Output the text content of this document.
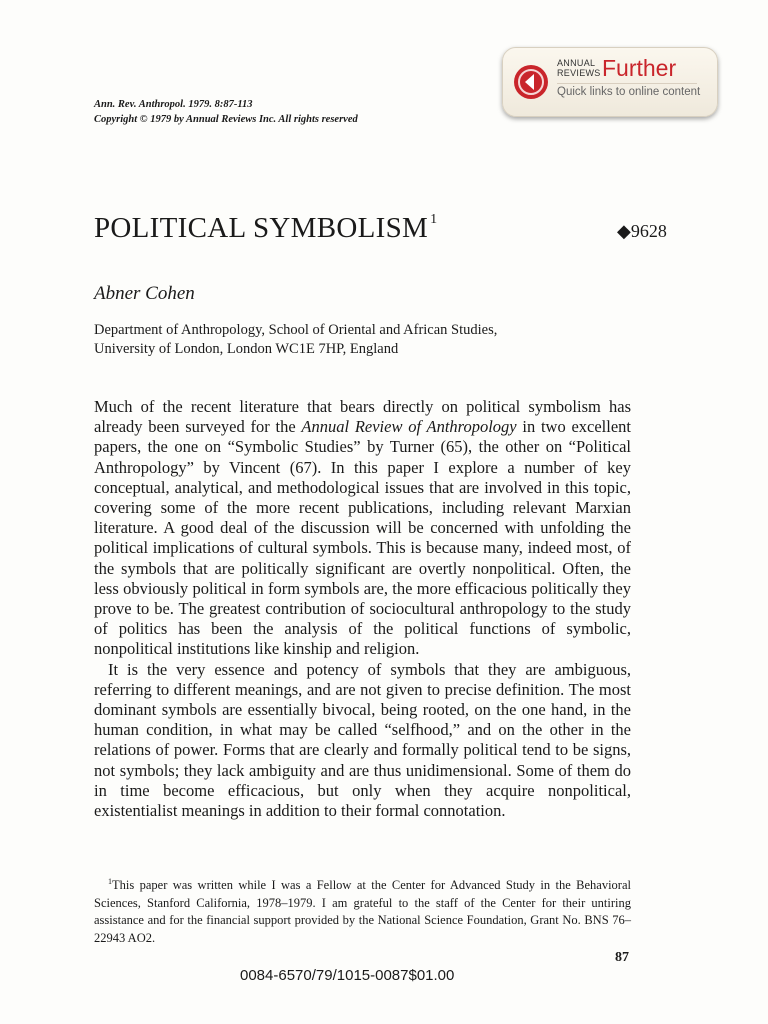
ANNUAL
REVIEWS Further
Quick links to online content
Ann. Rev. Anthropol. 1979. 8:87-113
Copyright © 1979 by Annual Reviews Inc. All rights reserved
POLITICAL SYMBOLISM $^1$
◆9628
Abner Cohen
Department of Anthropology, School of Oriental and African Studies,
University of London, London WC1E 7HP, England

Much of the recent literature that bears directly on political symbolism has already been surveyed for the Annual Review of Anthropology in two excellent papers, the one on “Symbolic Studies” by Turner (65), the other on “Political Anthropology” by Vincent (67). In this paper I explore a number of key conceptual, analytical, and methodological issues that are involved in this topic, covering some of the more recent publications, including relevant Marxian literature. A good deal of the discussion will be concerned with unfolding the political implications of cultural symbols. This is because many, indeed most, of the symbols that are politically significant are overtly nonpolitical. Often, the less obviously political in form symbols are, the more efficacious politically they prove to be. The greatest contribution of sociocultural anthropology to the study of politics has been the analysis of the political functions of symbolic, nonpolitical institutions like kinship and religion.

It is the very essence and potency of symbols that they are ambiguous, referring to different meanings, and are not given to precise definition. The most dominant symbols are essentially bivocal, being rooted, on the one hand, in the human condition, in what may be called “selfhood,” and on the other in the relations of power. Forms that are clearly and formally political tend to be signs, not symbols; they lack ambiguity and are thus unidimensional. Some of them do in time become efficacious, but only when they acquire nonpolitical, existentialist meanings in addition to their formal connotation.

$^1$This paper was written while I was a Fellow at the Center for Advanced Study in the Behavioral Sciences, Stanford California, 1978–1979. I am grateful to the staff of the Center for their untiring assistance and for the financial support provided by the National Science Foundation, Grant No. BNS 76–22943 AO2.
87
0084-6570/79/1015-0087$01.00
